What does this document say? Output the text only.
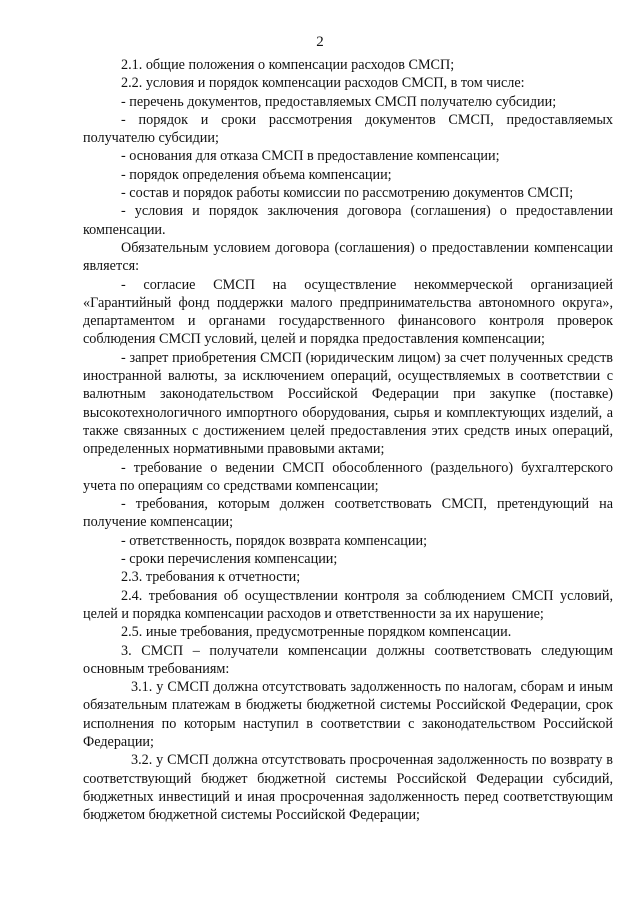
2

2.1. общие положения о компенсации расходов СМСП;

2.2. условия и порядок компенсации расходов СМСП, в том числе:

- перечень документов, предоставляемых СМСП получателю субсидии;

- порядок и сроки рассмотрения документов СМСП, предоставляемых получателю субсидии;

- основания для отказа СМСП в предоставление компенсации;

- порядок определения объема компенсации;

- состав и порядок работы комиссии по рассмотрению документов СМСП;

- условия и порядок заключения договора (соглашения) о предоставлении компенсации.

Обязательным условием договора (соглашения) о предоставлении компенсации является:

- согласие СМСП на осуществление некоммерческой организацией «Гарантийный фонд поддержки малого предпринимательства автономного округа», департаментом и органами государственного финансового контроля проверок соблюдения СМСП условий, целей и порядка предоставления компенсации;

- запрет приобретения СМСП (юридическим лицом) за счет полученных средств иностранной валюты, за исключением операций, осуществляемых в соответствии с валютным законодательством Российской Федерации при закупке (поставке) высокотехнологичного импортного оборудования, сырья и комплектующих изделий, а также связанных с достижением целей предоставления этих средств иных операций, определенных нормативными правовыми актами;

- требование о ведении СМСП обособленного (раздельного) бухгалтерского учета по операциям со средствами компенсации;

- требования, которым должен соответствовать СМСП, претендующий на получение компенсации;

- ответственность, порядок возврата компенсации;

- сроки перечисления компенсации;

2.3. требования к отчетности;

2.4. требования об осуществлении контроля за соблюдением СМСП условий, целей и порядка компенсации расходов и ответственности за их нарушение;

2.5. иные требования, предусмотренные порядком компенсации.

3. СМСП – получатели компенсации должны соответствовать следующим основным требованиям:

3.1. у СМСП должна отсутствовать задолженность по налогам, сборам и иным обязательным платежам в бюджеты бюджетной системы Российской Федерации, срок исполнения по которым наступил в соответствии с законодательством Российской Федерации;

3.2. у СМСП должна отсутствовать просроченная задолженность по возврату в соответствующий бюджет бюджетной системы Российской Федерации субсидий, бюджетных инвестиций и иная просроченная задолженность перед соответствующим бюджетом бюджетной системы Российской Федерации;
